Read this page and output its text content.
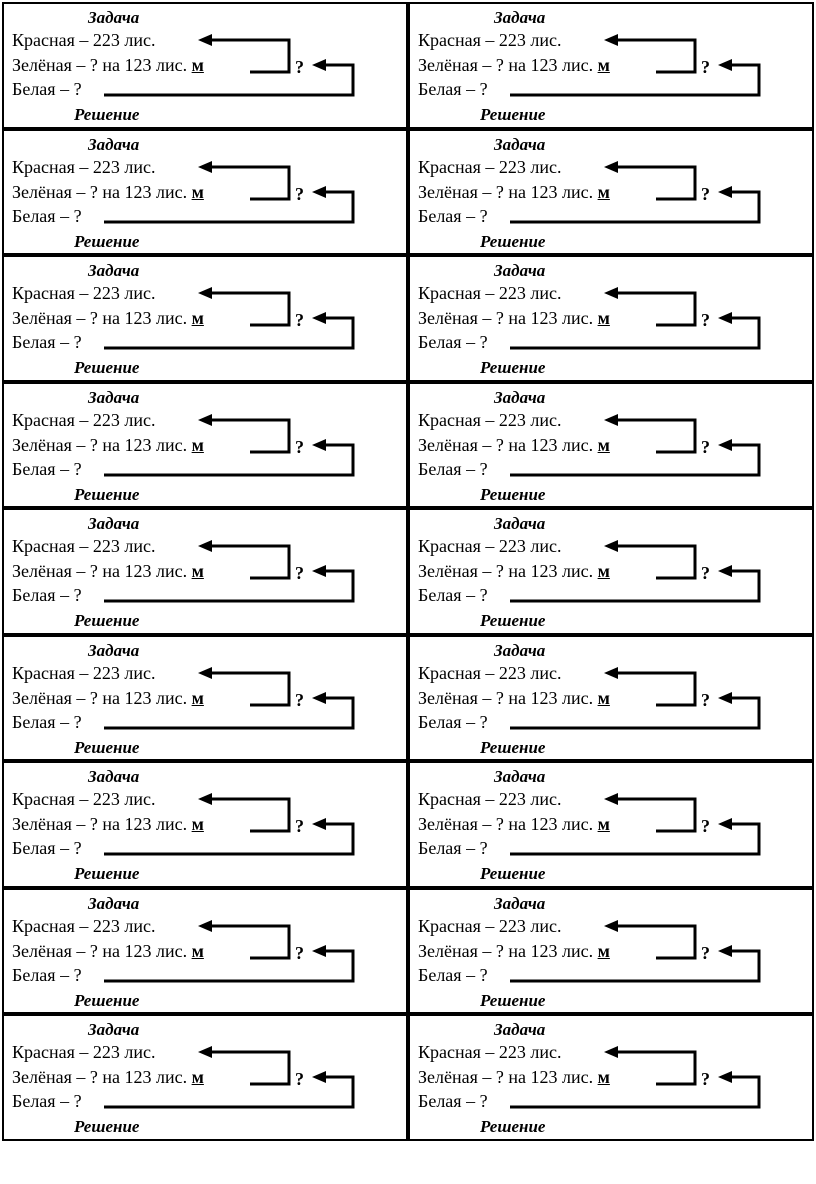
Задача
Красная – 223 лис.
Зелёная – ? на 123 лис. м
Белая – ?
?
Решение
Задача
Красная – 223 лис.
Зелёная – ? на 123 лис. м
Белая – ?
?
Решение
Задача
Красная – 223 лис.
Зелёная – ? на 123 лис. м
Белая – ?
?
Решение
Задача
Красная – 223 лис.
Зелёная – ? на 123 лис. м
Белая – ?
?
Решение
Задача
Красная – 223 лис.
Зелёная – ? на 123 лис. м
Белая – ?
?
Решение
Задача
Красная – 223 лис.
Зелёная – ? на 123 лис. м
Белая – ?
?
Решение
Задача
Красная – 223 лис.
Зелёная – ? на 123 лис. м
Белая – ?
?
Решение
Задача
Красная – 223 лис.
Зелёная – ? на 123 лис. м
Белая – ?
?
Решение
Задача
Красная – 223 лис.
Зелёная – ? на 123 лис. м
Белая – ?
?
Решение
Задача
Красная – 223 лис.
Зелёная – ? на 123 лис. м
Белая – ?
?
Решение
Задача
Красная – 223 лис.
Зелёная – ? на 123 лис. м
Белая – ?
?
Решение
Задача
Красная – 223 лис.
Зелёная – ? на 123 лис. м
Белая – ?
?
Решение
Задача
Красная – 223 лис.
Зелёная – ? на 123 лис. м
Белая – ?
?
Решение
Задача
Красная – 223 лис.
Зелёная – ? на 123 лис. м
Белая – ?
?
Решение
Задача
Красная – 223 лис.
Зелёная – ? на 123 лис. м
Белая – ?
?
Решение
Задача
Красная – 223 лис.
Зелёная – ? на 123 лис. м
Белая – ?
?
Решение
Задача
Красная – 223 лис.
Зелёная – ? на 123 лис. м
Белая – ?
?
Решение
Задача
Красная – 223 лис.
Зелёная – ? на 123 лис. м
Белая – ?
?
Решение
